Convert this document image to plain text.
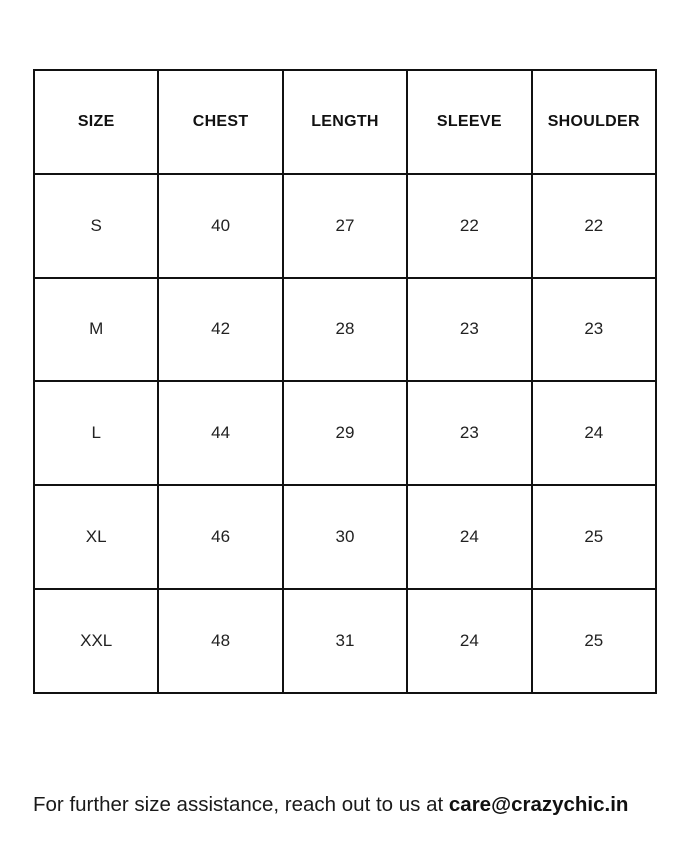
SIZE	CHEST	LENGTH	SLEEVE	SHOULDER
S	40	27	22	22
M	42	28	23	23
L	44	29	23	24
XL	46	30	24	25
XXL	48	31	24	25
For further size assistance, reach out to us at care@crazychic.in
